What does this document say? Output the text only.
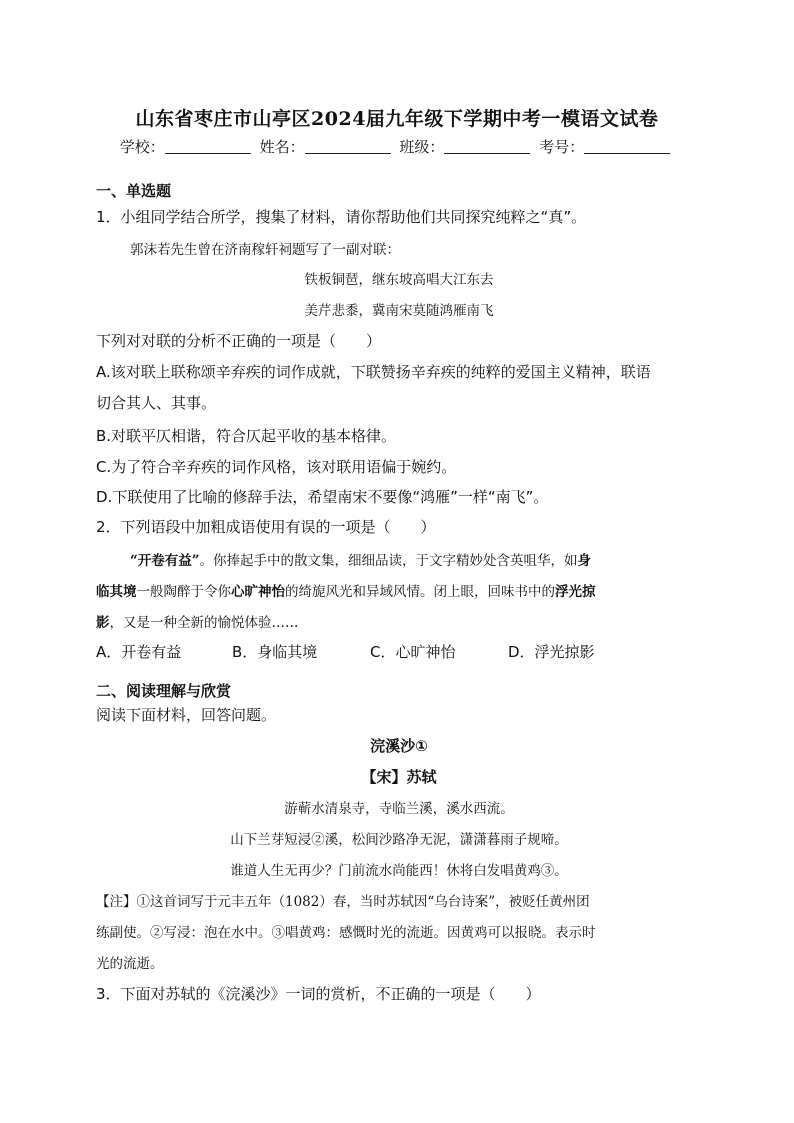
山东省枣庄市山亭区2024届九年级下学期中考一模语文试卷
学校：	姓名：	班级：	考号：
一、单选题
1．小组同学结合所学，搜集了材料，请你帮助他们共同探究纯粹之“真”。
郭沫若先生曾在济南稼轩祠题写了一副对联：
铁板铜琶，继东坡高唱大江东去
美芹悲黍，冀南宋莫随鸿雁南飞
下列对对联的分析不正确的一项是（　　）
A.该对联上联称颂辛弃疾的词作成就，下联赞扬辛弃疾的纯粹的爱国主义精神，联语
切合其人、其事。
B.对联平仄相谐，符合仄起平收的基本格律。
C.为了符合辛弃疾的词作风格，该对联用语偏于婉约。
D.下联使用了比喻的修辞手法，希望南宋不要像“鸿雁”一样“南飞”。
2．下列语段中加粗成语使用有误的一项是（　　）
“开卷有益”。你捧起手中的散文集，细细品读，于文字精妙处含英咀华，如身
临其境一般陶醉于令你心旷神怡的绮旎风光和异域风情。闭上眼，回味书中的浮光掠
影，又是一种全新的愉悦体验……
A．开卷有益	B．身临其境	C．心旷神怡	D．浮光掠影
二、阅读理解与欣赏
阅读下面材料，回答问题。
浣溪沙①
【宋】苏轼
游蕲水清泉寺，寺临兰溪，溪水西流。
山下兰芽短浸②溪，松间沙路净无泥，潇潇暮雨子规啼。
谁道人生无再少？门前流水尚能西！休将白发唱黄鸡③。
【注】①这首词写于元丰五年（1082）春，当时苏轼因“乌台诗案”，被贬任黄州团
练副使。②写浸：泡在水中。③唱黄鸡：感慨时光的流逝。因黄鸡可以报晓。表示时
光的流逝。
3．下面对苏轼的《浣溪沙》一词的赏析，不正确的一项是（　　）
